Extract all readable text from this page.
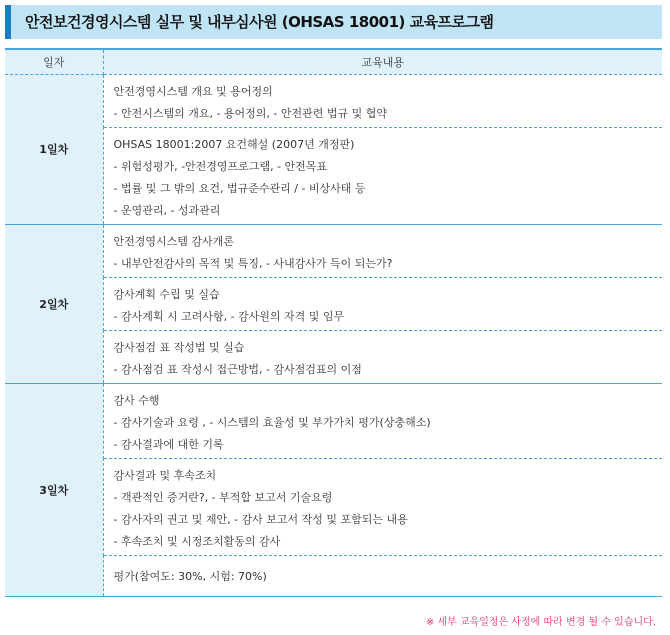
안전보건경영시스템 실무 및 내부심사원 (OHSAS 18001) 교육프로그램
일자	교육내용
1일차	안전경영시스템 개요 및 용어정의
- 안전시스템의 개요, - 용어정의, - 안전관련 법규 및 협약

	OHSAS 18001:2007 요건해설 (2007년 개정판)
- 위험성평가, -안전경영프로그램, - 안전목표
- 법률 및 그 밖의 요건, 법규준수관리 / - 비상사태 등
- 운영관리, - 성과관리

2일차	안전경영시스템 감사개론
- 내부안전감사의 목적 및 특징, - 사내감사가 득이 되는가?

	감사계획 수립 및 실습
- 감사계획 시 고려사항, - 감사원의 자격 및 임무

	감사점검 표 작성법 및 실습
- 감사점검 표 작성시 접근방법, - 감사점검표의 이점

3일차	감사 수행
- 감사기술과 요령 , - 시스템의 효율성 및 부가가치 평가(상충해소)
- 감사결과에 대한 기록

	감사결과 및 후속조치
- 객관적인 증거란?, - 부적합 보고서 기술요령
- 감사자의 권고 및 제안, - 감사 보고서 작성 및 포함되는 내용
- 후속조치 및 시정조치활동의 감사

	평가(참여도: 30%, 시험: 70%)
※ 세부 교육일정은 사정에 따라 변경 될 수 있습니다.
